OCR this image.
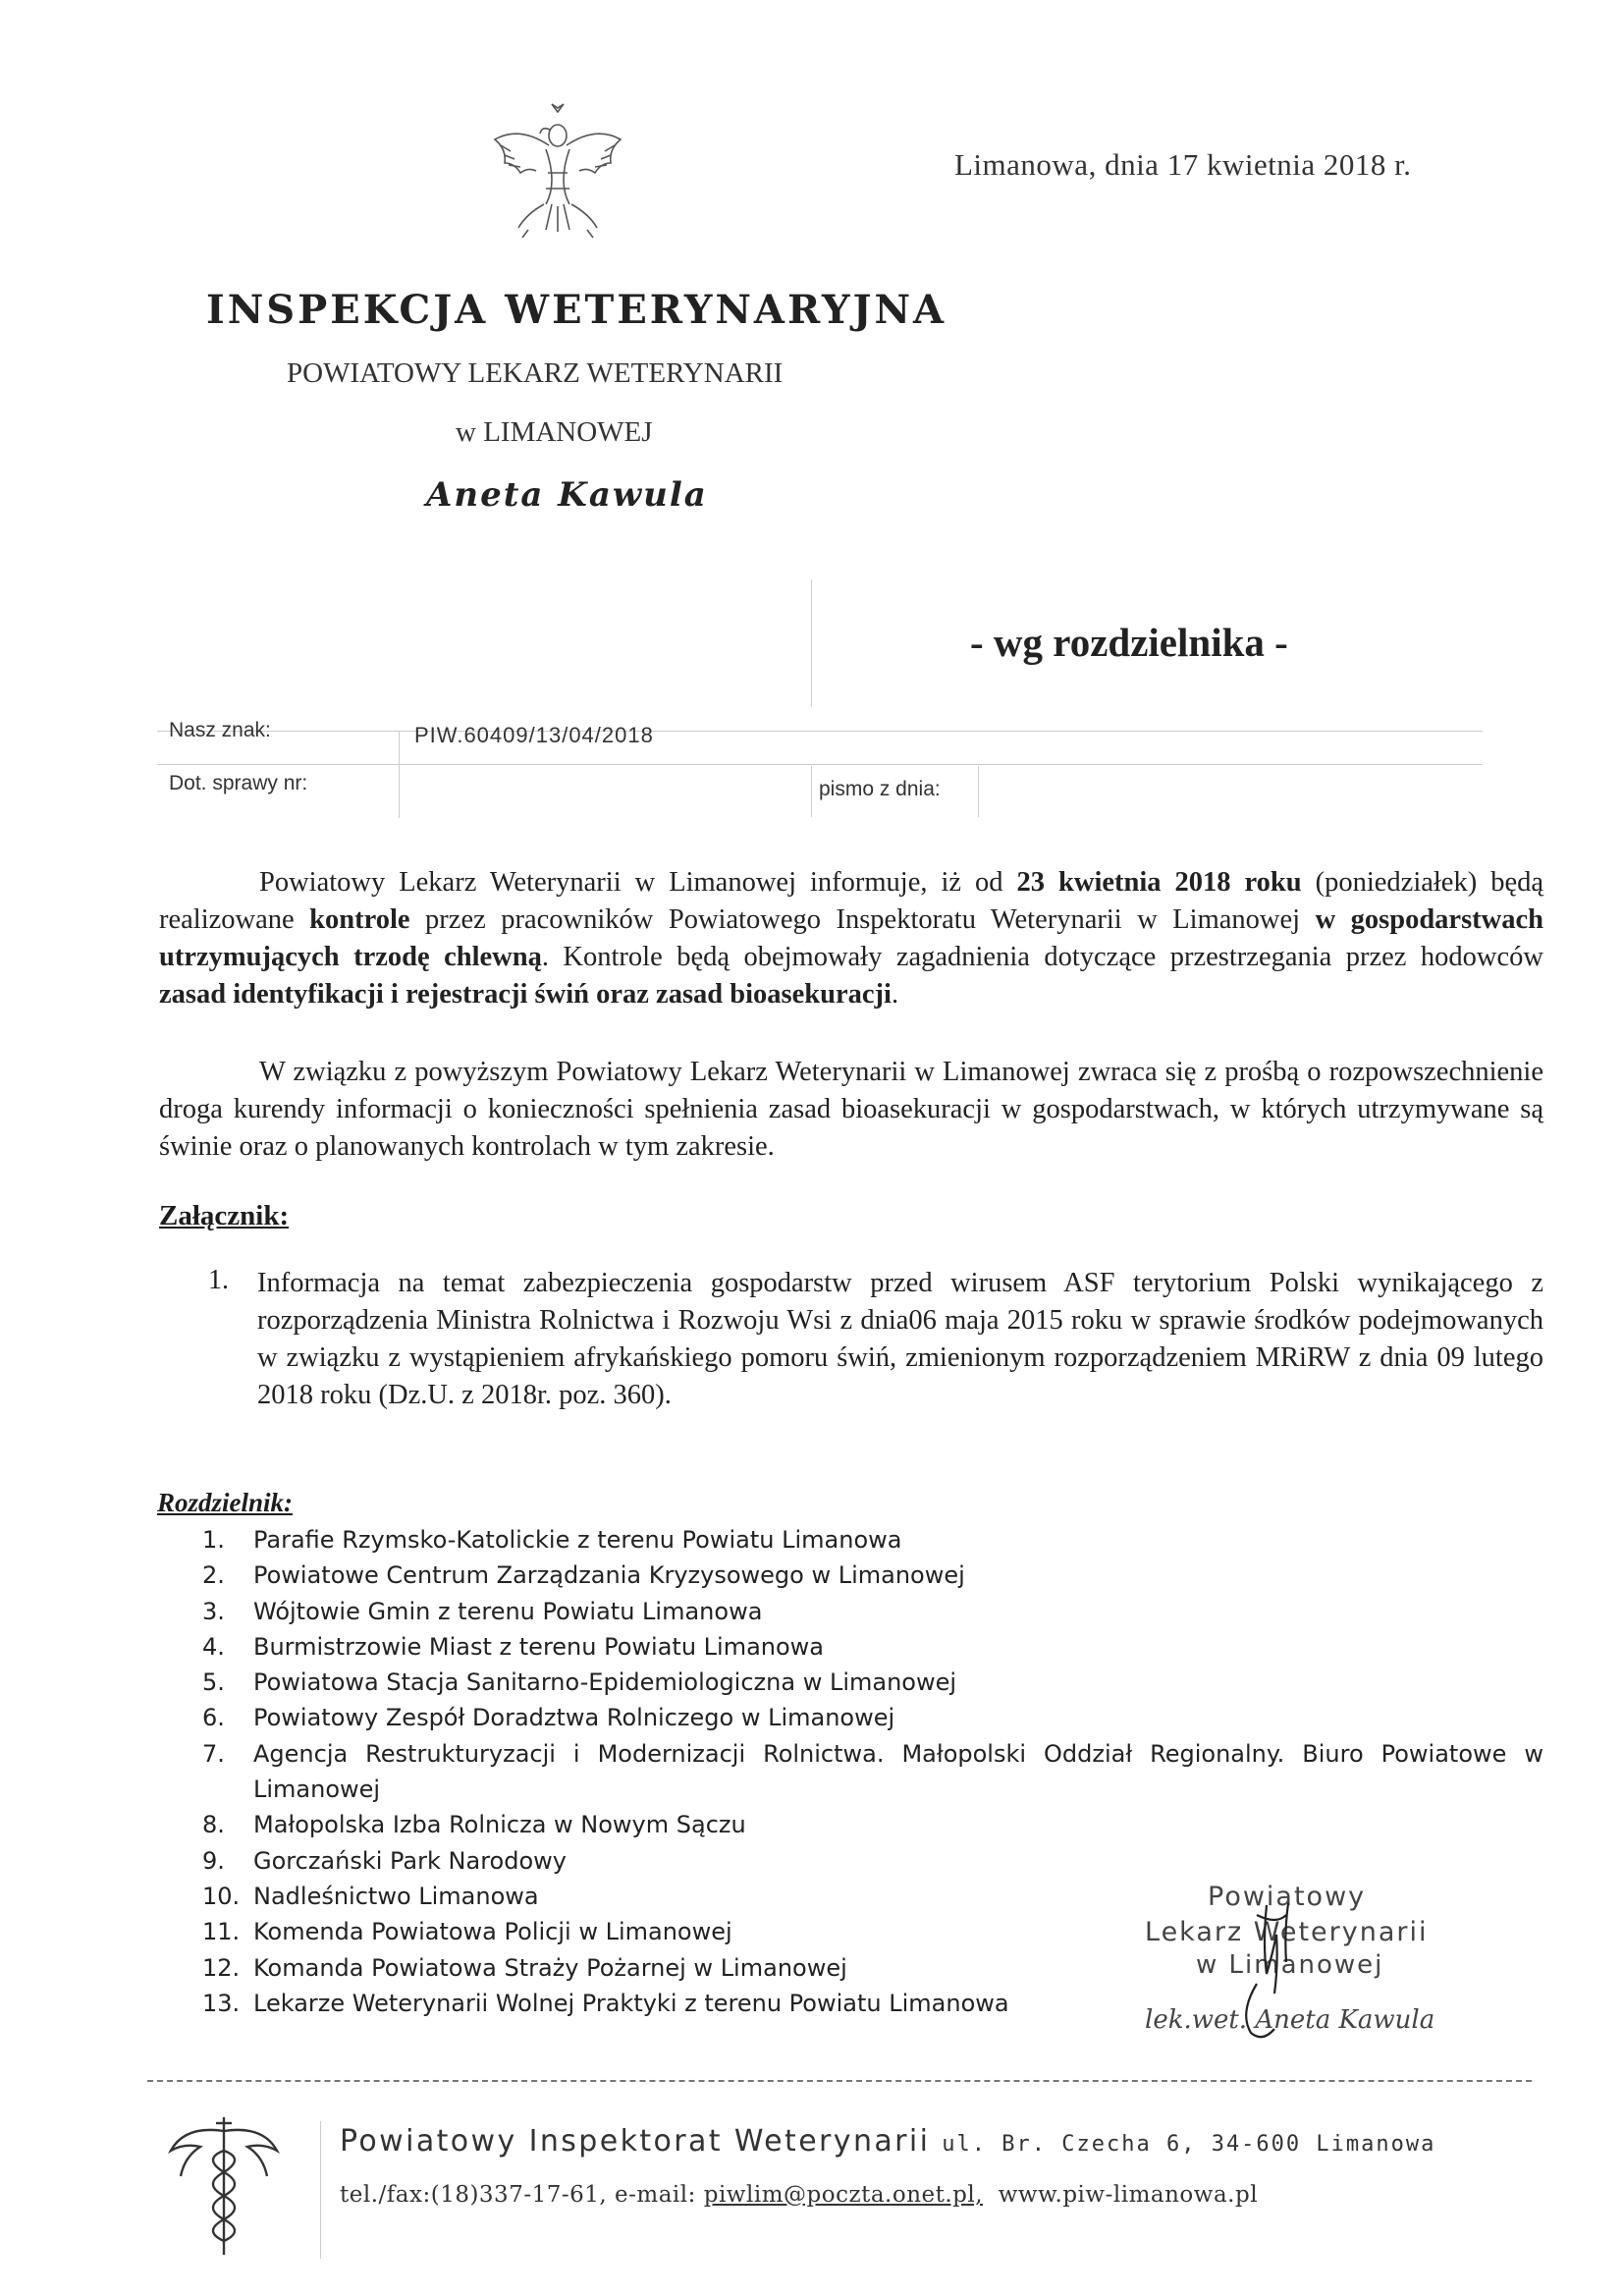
Limanowa, dnia 17 kwietnia 2018 r.
INSPEKCJA WETERYNARYJNA
POWIATOWY LEKARZ WETERYNARII
w LIMANOWEJ
Aneta Kawula
- wg rozdzielnika -
Nasz znak:	PIW.60409/13/04/2018
Dot. sprawy nr:	pismo z dnia:
Powiatowy Lekarz Weterynarii w Limanowej informuje, iż od 23 kwietnia 2018 roku (poniedziałek) będą realizowane kontrole przez pracowników Powiatowego Inspektoratu Weterynarii w Limanowej w gospodarstwach utrzymujących trzodę chlewną. Kontrole będą obejmowały zagadnienia dotyczące przestrzegania przez hodowców zasad identyfikacji i rejestracji świń oraz zasad bioasekuracji.
W związku z powyższym Powiatowy Lekarz Weterynarii w Limanowej zwraca się z prośbą o rozpowszechnienie droga kurendy informacji o konieczności spełnienia zasad bioasekuracji w gospodarstwach, w których utrzymywane są świnie oraz o planowanych kontrolach w tym zakresie.
Załącznik:
1. Informacja na temat zabezpieczenia gospodarstw przed wirusem ASF terytorium Polski wynikającego z rozporządzenia Ministra Rolnictwa i Rozwoju Wsi z dnia06 maja 2015 roku w sprawie środków podejmowanych w związku z wystąpieniem afrykańskiego pomoru świń, zmienionym rozporządzeniem MRiRW z dnia 09 lutego 2018 roku (Dz.U. z 2018r. poz. 360).
Rozdzielnik:
1.	Parafie Rzymsko-Katolickie z terenu Powiatu Limanowa
2.	Powiatowe Centrum Zarządzania Kryzysowego w Limanowej
3.	Wójtowie Gmin z terenu Powiatu Limanowa
4.	Burmistrzowie Miast z terenu Powiatu Limanowa
5.	Powiatowa Stacja Sanitarno-Epidemiologiczna w Limanowej
6.	Powiatowy Zespół Doradztwa Rolniczego w Limanowej
7.	Agencja Restrukturyzacji i Modernizacji Rolnictwa. Małopolski Oddział Regionalny. Biuro Powiatowe w Limanowej
8.	Małopolska Izba Rolnicza w Nowym Sączu
9.	Gorczański Park Narodowy
10. Nadleśnictwo Limanowa
11. Komenda Powiatowa Policji w Limanowej
12. Komanda Powiatowa Straży Pożarnej w Limanowej
13. Lekarze Weterynarii Wolnej Praktyki z terenu Powiatu Limanowa
Powiatowy
Lekarz Weterynarii
w Limanowej
lek.wet. Aneta Kawula
Powiatowy Inspektorat Weterynarii ul. Br. Czecha 6, 34-600 Limanowa
tel./fax:(18)337-17-61, e-mail: piwlim@poczta.onet.pl, www.piw-limanowa.pl
